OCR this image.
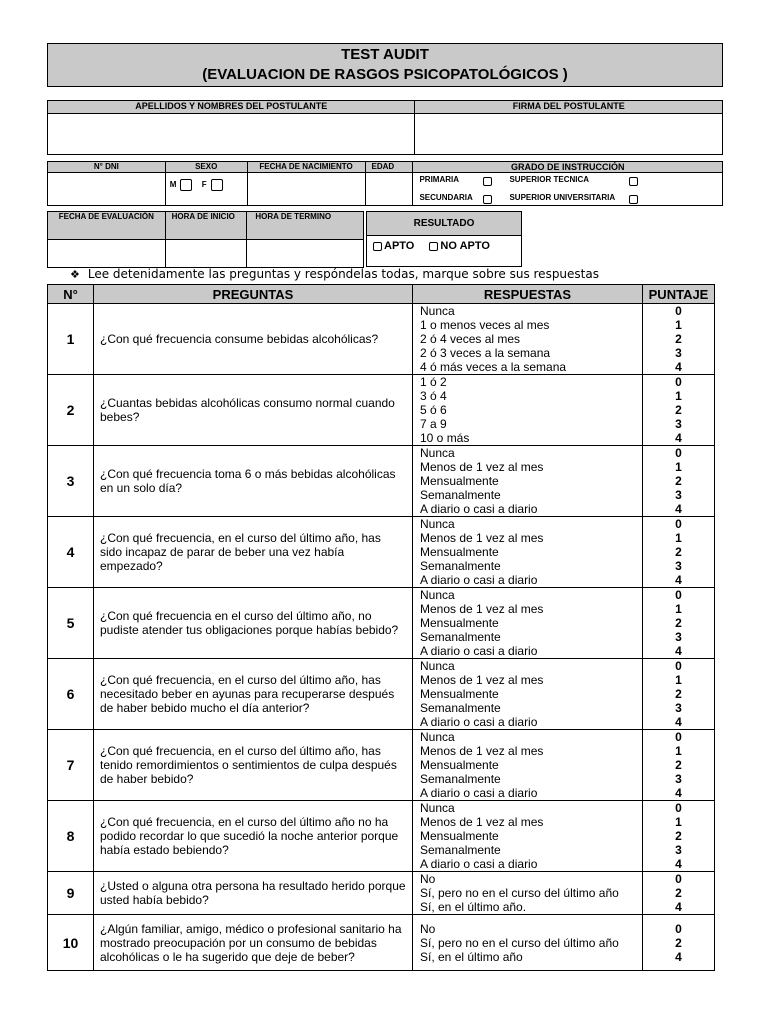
TEST AUDIT
(EVALUACION DE RASGOS PSICOPATOLÓGICOS )
APELLIDOS Y NOMBRES DEL POSTULANTE	FIRMA DEL POSTULANTE

N° DNI	SEXO	FECHA DE NACIMIENTO	EDAD	GRADO DE INSTRUCCIÓN
	M F			PRIMARIA SUPERIOR TECNICA
SECUNDARIA SUPERIOR UNIVERSITARIA
FECHA DE EVALUACIÓN	HORA DE INICIO	HORA DE TERMINO

RESULTADO
APTO NO APTO
❖ Lee detenidamente las preguntas y respóndelas todas, marque sobre sus respuestas
N°	PREGUNTAS	RESPUESTAS	PUNTAJE
1	¿Con qué frecuencia consume bebidas alcohólicas?	Nunca
1 o menos veces al mes
2 ó 4 veces al mes
2 ó 3 veces a la semana
4 ó más veces a la semana	0
1
2
3
4

2	¿Cuantas bebidas alcohólicas consumo normal cuando bebes?	1 ó 2
3 ó 4
5 ó 6
7 a 9
10 o más	0
1
2
3
4

3	¿Con qué frecuencia toma 6 o más bebidas alcohólicas en un solo día?	Nunca
Menos de 1 vez al mes
Mensualmente
Semanalmente
A diario o casi a diario	0
1
2
3
4

4	¿Con qué frecuencia, en el curso del último año, has sido incapaz de parar de beber una vez había empezado?	Nunca
Menos de 1 vez al mes
Mensualmente
Semanalmente
A diario o casi a diario	0
1
2
3
4

5	¿Con qué frecuencia en el curso del último año, no pudiste atender tus obligaciones porque habías bebido?	Nunca
Menos de 1 vez al mes
Mensualmente
Semanalmente
A diario o casi a diario	0
1
2
3
4

6	¿Con qué frecuencia, en el curso del último año, has necesitado beber en ayunas para recuperarse después de haber bebido mucho el día anterior?	Nunca
Menos de 1 vez al mes
Mensualmente
Semanalmente
A diario o casi a diario	0
1
2
3
4

7	¿Con qué frecuencia, en el curso del último año, has tenido remordimientos o sentimientos de culpa después de haber bebido?	Nunca
Menos de 1 vez al mes
Mensualmente
Semanalmente
A diario o casi a diario	0
1
2
3
4

8	¿Con qué frecuencia, en el curso del último año no ha podido recordar lo que sucedió la noche anterior porque había estado bebiendo?	Nunca
Menos de 1 vez al mes
Mensualmente
Semanalmente
A diario o casi a diario	0
1
2
3
4

9	¿Usted o alguna otra persona ha resultado herido porque usted había bebido?	No
Sí, pero no en el curso del último año
Sí, en el último año.	0
2
4

10	¿Algún familiar, amigo, médico o profesional sanitario ha mostrado preocupación por un consumo de bebidas alcohólicas o le ha sugerido que deje de beber?	No
Sí, pero no en el curso del último año
Sí, en el último año	0
2
4
